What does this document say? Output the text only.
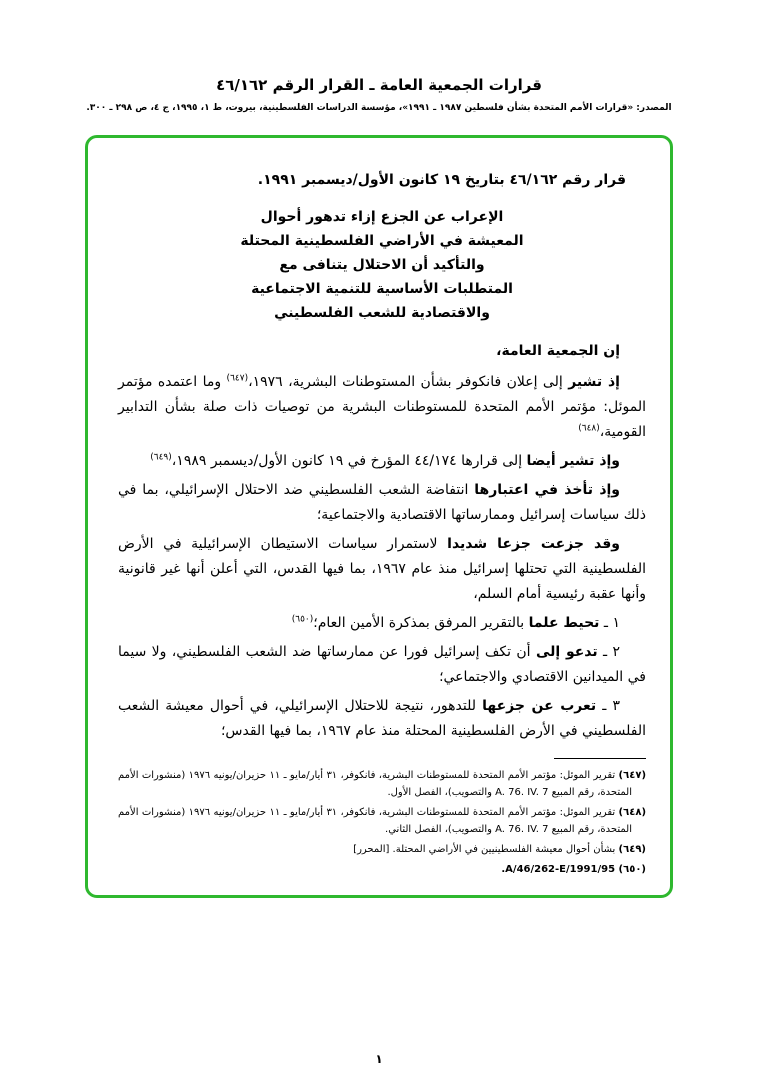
قرارات الجمعية العامة ـ القرار الرقم ٤٦/١٦٢
المصدر: «قرارات الأمم المتحدة بشأن فلسطين ١٩٨٧ ـ ١٩٩١»، مؤسسة الدراسات الفلسطينية، بيروت، ط ١، ١٩٩٥، ج ٤، ص ٢٩٨ ـ ٣٠٠.
قرار رقم ٤٦/١٦٢ بتاريخ ١٩ كانون الأول/ديسمبر ١٩٩١.
الإعراب عن الجزع إزاء تدهور أحوال
المعيشة في الأراضي الفلسطينية المحتلة
والتأكيد أن الاحتلال يتنافى مع
المتطلبات الأساسية للتنمية الاجتماعية
والاقتصادية للشعب الفلسطيني
إن الجمعية العامة،

إذ تشير إلى إعلان فانكوفر بشأن المستوطنات البشرية، ١٩٧٦،$^{(٦٤٧)}$ وما اعتمده مؤتمر الموئل: مؤتمر الأمم المتحدة للمستوطنات البشرية من توصيات ذات صلة بشأن التدابير القومية،$^{(٦٤٨)}$

وإذ تشير أيضا إلى قرارها ٤٤/١٧٤ المؤرخ في ١٩ كانون الأول/ديسمبر ١٩٨٩،$^{(٦٤٩)}$

وإذ تأخذ في اعتبارها انتفاضة الشعب الفلسطيني ضد الاحتلال الإسرائيلي، بما في ذلك سياسات إسرائيل وممارساتها الاقتصادية والاجتماعية؛

وقد جزعت جزعا شديدا لاستمرار سياسات الاستيطان الإسرائيلية في الأرض الفلسطينية التي تحتلها إسرائيل منذ عام ١٩٦٧، بما فيها القدس، التي أعلن أنها غير قانونية وأنها عقبة رئيسية أمام السلم،

١ ـ تحيط علما بالتقرير المرفق بمذكرة الأمين العام؛$^{(٦٥٠)}$

٢ ـ تدعو إلى أن تكف إسرائيل فورا عن ممارساتها ضد الشعب الفلسطيني، ولا سيما في الميدانين الاقتصادي والاجتماعي؛

٣ ـ تعرب عن جزعها للتدهور، نتيجة للاحتلال الإسرائيلي، في أحوال معيشة الشعب الفلسطيني في الأرض الفلسطينية المحتلة منذ عام ١٩٦٧، بما فيها القدس؛

(٦٤٧) تقرير الموئل: مؤتمر الأمم المتحدة للمستوطنات البشرية، فانكوفر، ٣١ أيار/مايو ـ ١١ حزيران/يونيه ١٩٧٦ (منشورات الأمم المتحدة، رقم المبيع A. 76. IV. 7 والتصويب)، الفصل الأول.

(٦٤٨) تقرير الموئل: مؤتمر الأمم المتحدة للمستوطنات البشرية، فانكوفر، ٣١ أيار/مايو ـ ١١ حزيران/يونيه ١٩٧٦ (منشورات الأمم المتحدة، رقم المبيع A. 76. IV. 7 والتصويب)، الفصل الثاني.

(٦٤٩) بشأن أحوال معيشة الفلسطينيين في الأراضي المحتلة. [المحرر]

(٦٥٠) A/46/262-E/1991/95.

١
